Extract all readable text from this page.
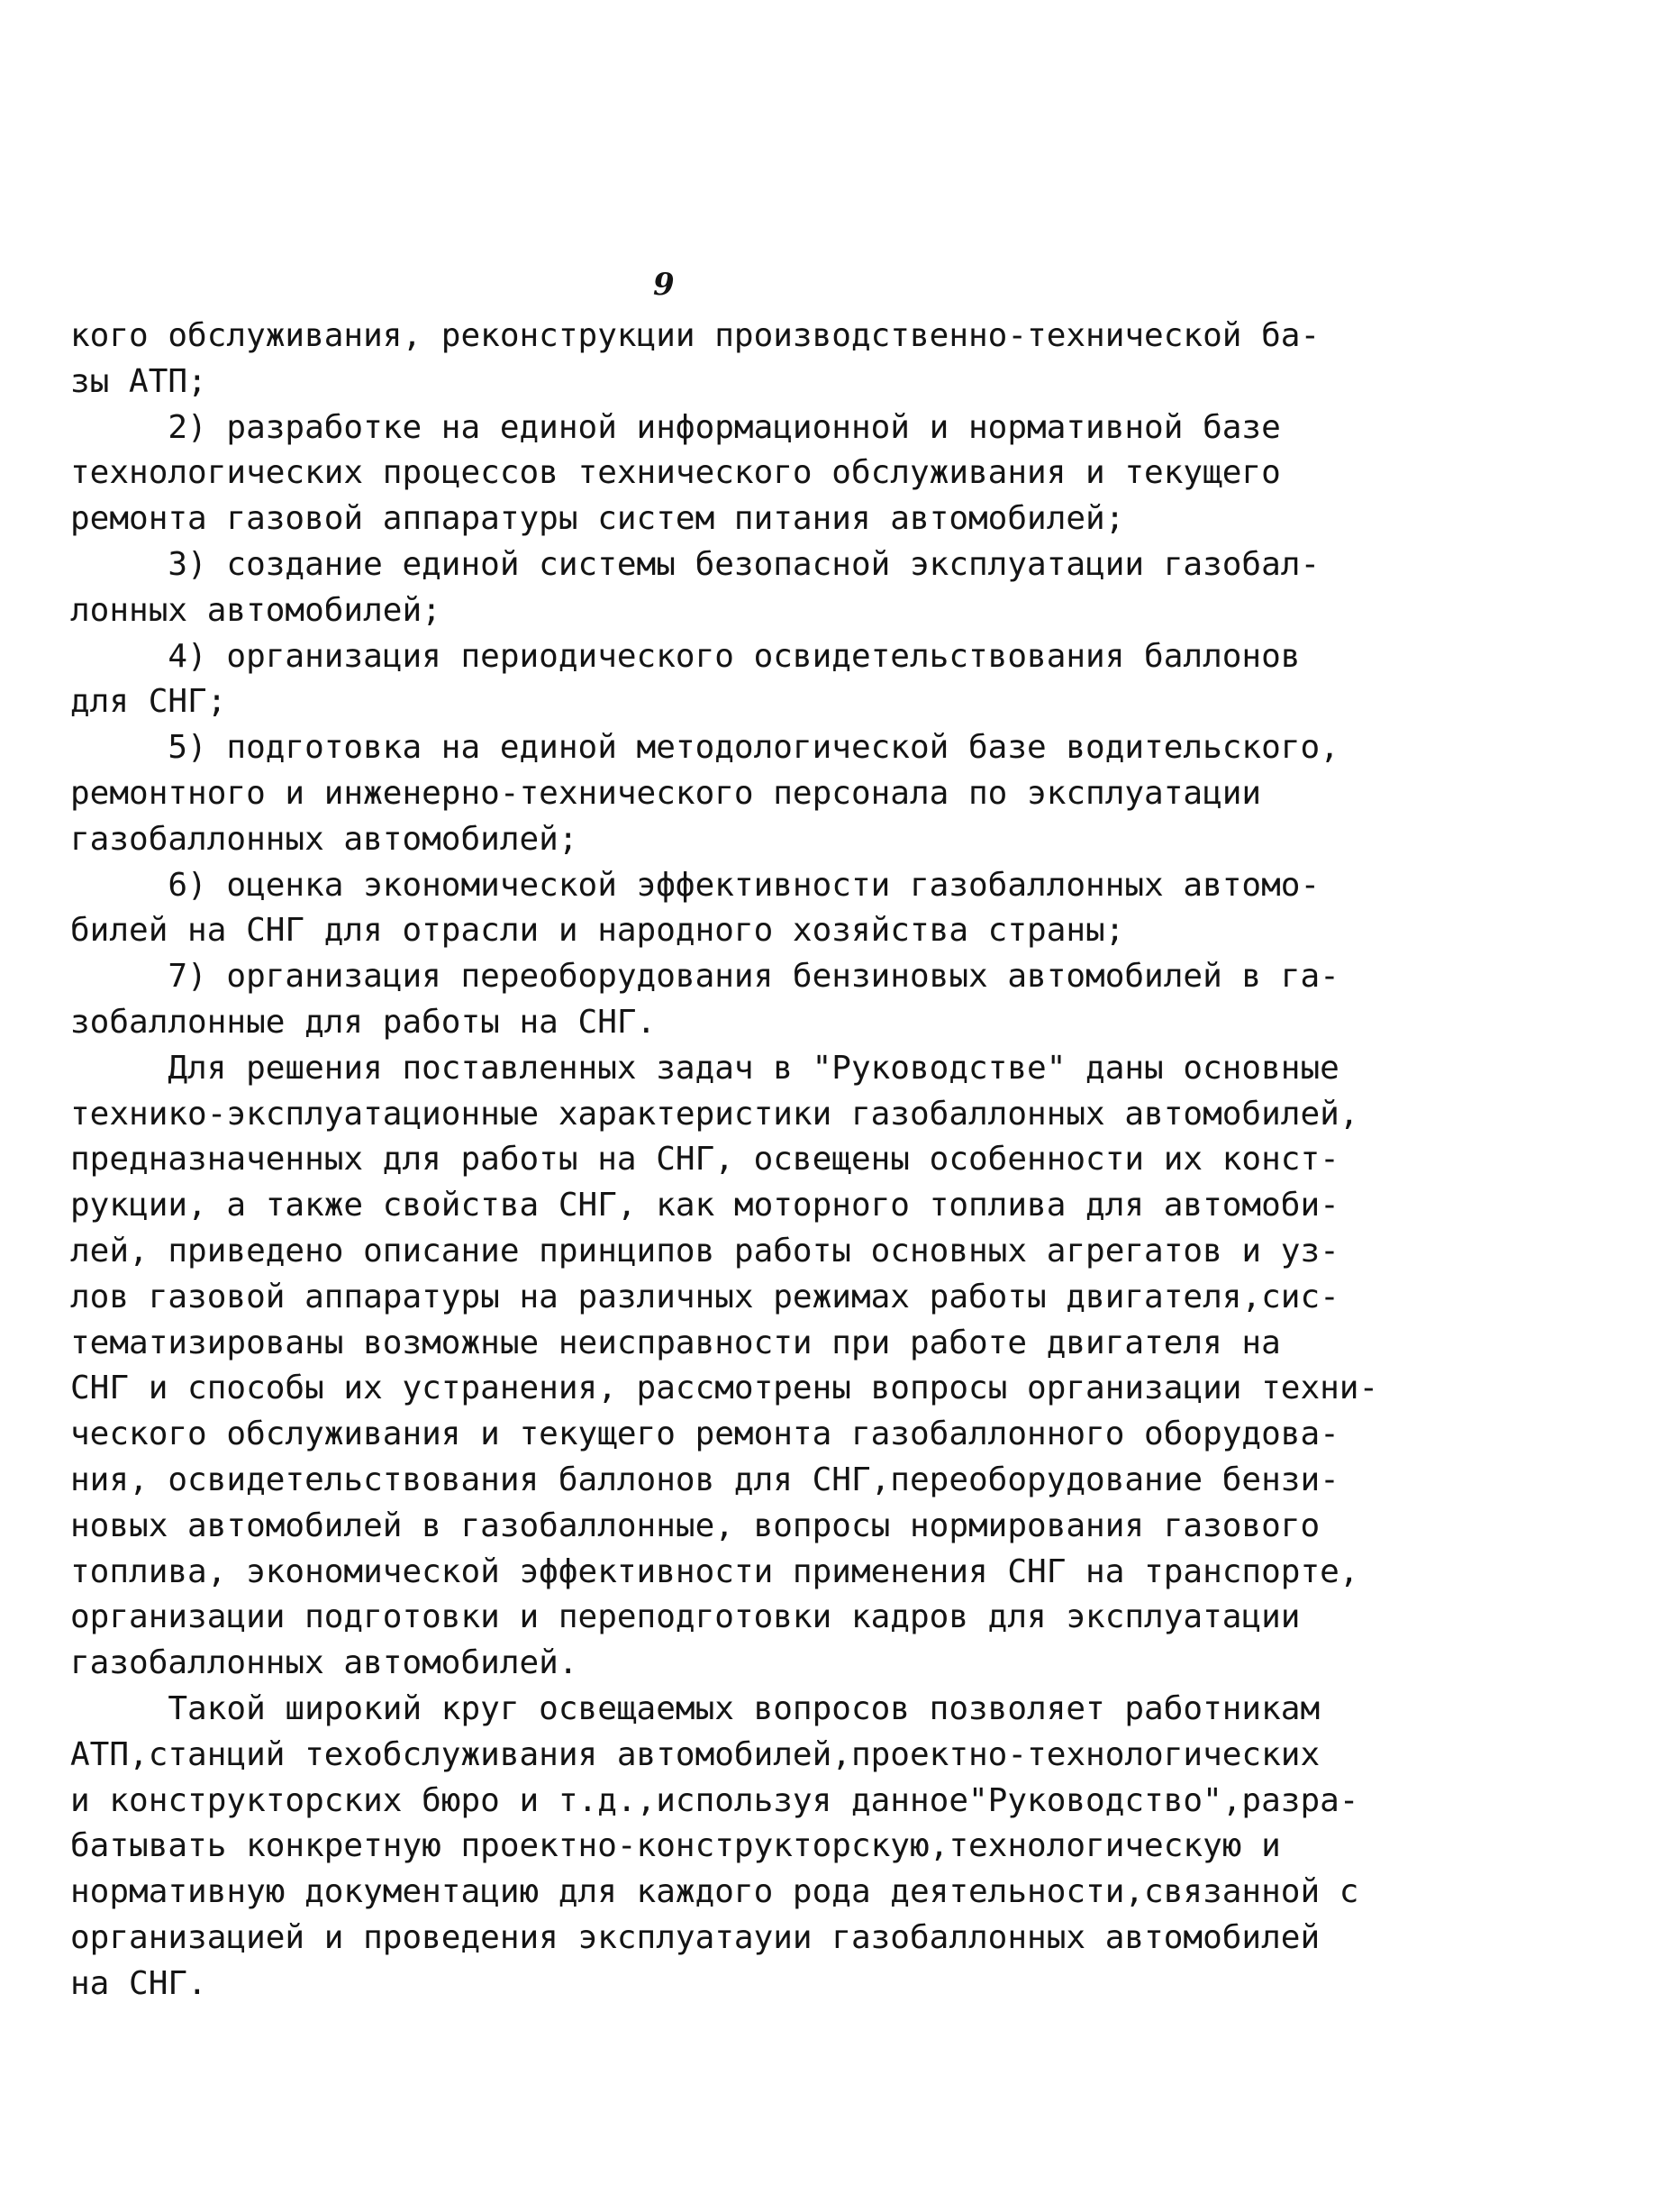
9
кого обслуживания, реконструкции производственно-технической ба-
зы АТП;
2) разработке на единой информационной и нормативной базе
технологических процессов технического обслуживания и текущего
ремонта газовой аппаратуры систем питания автомобилей;
3) создание единой системы безопасной эксплуатации газобал-
лонных автомобилей;
4) организация периодического освидетельствования баллонов
для СНГ;
5) подготовка на единой методологической базе водительского,
ремонтного и инженерно-технического персонала по эксплуатации
газобаллонных автомобилей;
6) оценка экономической эффективности газобаллонных автомо-
билей на СНГ для отрасли и народного хозяйства страны;
7) организация переоборудования бензиновых автомобилей в га-
зобаллонные для работы на СНГ.
Для решения поставленных задач в "Руководстве" даны основные
технико-эксплуатационные характеристики газобаллонных автомобилей,
предназначенных для работы на СНГ, освещены особенности их конст-
рукции, а также свойства СНГ, как моторного топлива для автомоби-
лей, приведено описание принципов работы основных агрегатов и уз-
лов газовой аппаратуры на различных режимах работы двигателя,сис-
тематизированы возможные неисправности при работе двигателя на
СНГ и способы их устранения, рассмотрены вопросы организации техни-
ческого обслуживания и текущего ремонта газобаллонного оборудова-
ния, освидетельствования баллонов для СНГ,переоборудование бензи-
новых автомобилей в газобаллонные, вопросы нормирования газового
топлива, экономической эффективности применения СНГ на транспорте,
организации подготовки и переподготовки кадров для эксплуатации
газобаллонных автомобилей.
Такой широкий круг освещаемых вопросов позволяет работникам
АТП,станций техобслуживания автомобилей,проектно-технологических
и конструкторских бюро и т.д.,используя данное"Руководство",разра-
батывать конкретную проектно-конструкторскую,технологическую и
нормативную документацию для каждого рода деятельности,связанной с
организацией и проведения эксплуатауии газобаллонных автомобилей
на СНГ.
